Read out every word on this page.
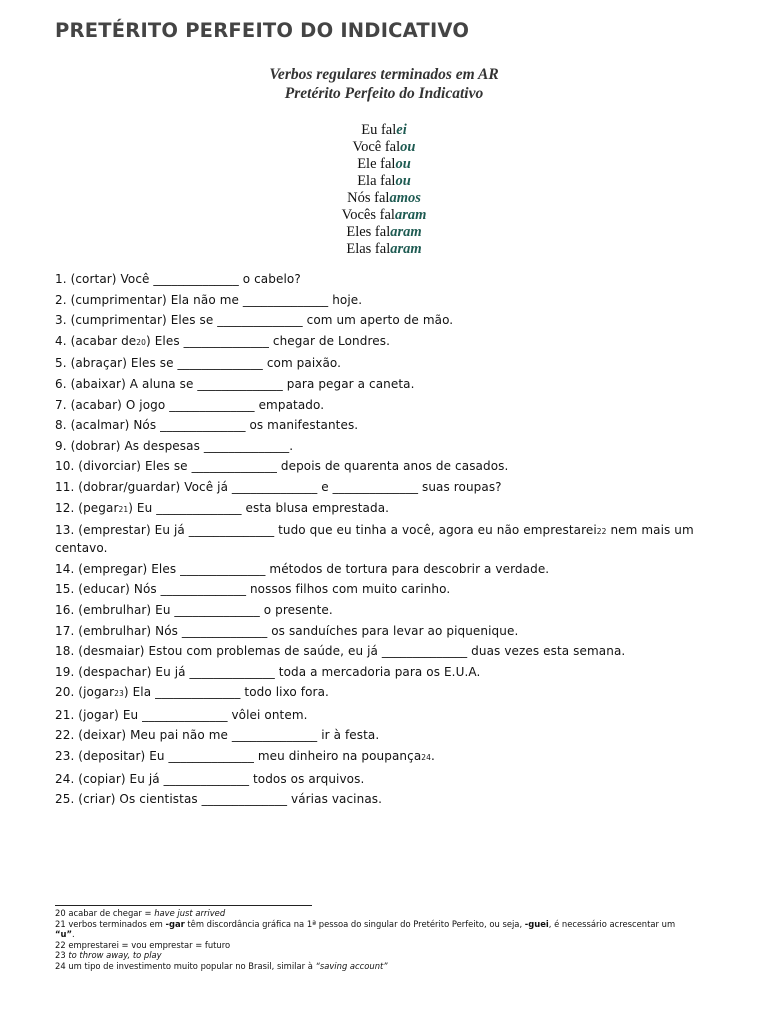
PRETÉRITO PERFEITO DO INDICATIVO
Verbos regulares terminados em AR
Pretérito Perfeito do Indicativo
Eu falei
Você falou
Ele falou
Ela falou
Nós falamos
Vocês falaram
Eles falaram
Elas falaram
1. (cortar) Você ______________ o cabelo?
2. (cumprimentar) Ela não me ______________ hoje.
3. (cumprimentar) Eles se ______________ com um aperto de mão.
4. (acabar de20) Eles ______________ chegar de Londres.
5. (abraçar) Eles se ______________ com paixão.
6. (abaixar) A aluna se ______________ para pegar a caneta.
7. (acabar) O jogo ______________ empatado.
8. (acalmar) Nós ______________ os manifestantes.
9. (dobrar) As despesas ______________.
10. (divorciar) Eles se ______________ depois de quarenta anos de casados.
11. (dobrar/guardar) Você já ______________ e ______________ suas roupas?
12. (pegar21) Eu ______________ esta blusa emprestada.
13. (emprestar) Eu já ______________ tudo que eu tinha a você, agora eu não emprestarei22 nem mais um centavo.
14. (empregar) Eles ______________ métodos de tortura para descobrir a verdade.
15. (educar) Nós ______________ nossos filhos com muito carinho.
16. (embrulhar) Eu ______________ o presente.
17. (embrulhar) Nós ______________ os sanduíches para levar ao piquenique.
18. (desmaiar) Estou com problemas de saúde, eu já ______________ duas vezes esta semana.
19. (despachar) Eu já ______________ toda a mercadoria para os E.U.A.
20. (jogar23) Ela ______________ todo lixo fora.
21. (jogar) Eu ______________ vôlei ontem.
22. (deixar) Meu pai não me ______________ ir à festa.
23. (depositar) Eu ______________ meu dinheiro na poupança24.
24. (copiar) Eu já ______________ todos os arquivos.
25. (criar) Os cientistas ______________ várias vacinas.
20 acabar de chegar = have just arrived
21 verbos terminados em -gar têm discordância gráfica na 1ª pessoa do singular do Pretérito Perfeito, ou seja, -guei, é necessário acrescentar um “u”.
22 emprestarei = vou emprestar = futuro
23 to throw away, to play
24 um tipo de investimento muito popular no Brasil, similar à “saving account”
